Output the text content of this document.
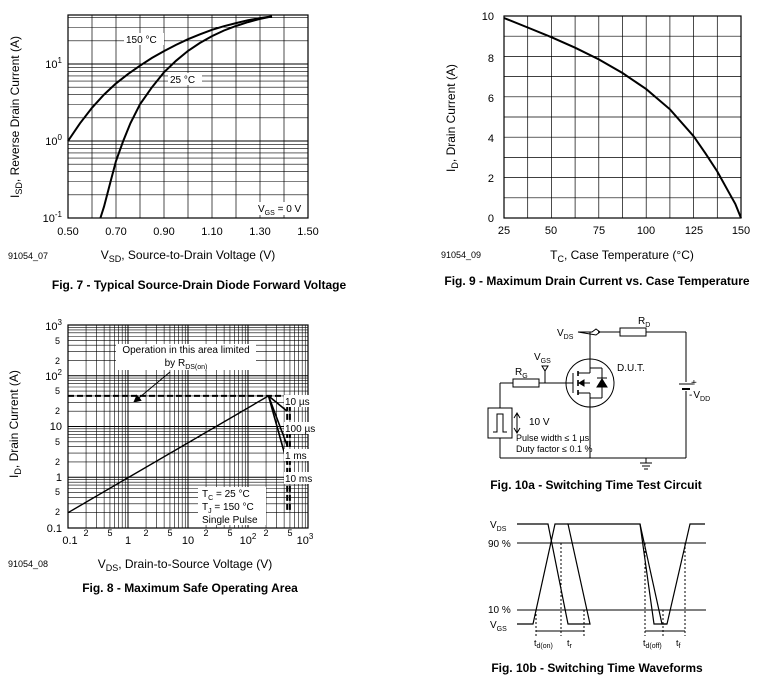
$10^{-1}$
$10^0$
$10^1$
0.50 0.70 0.90 1.10 1.30 1.50
$V_{SD}$, Source-to-Drain Voltage (V)
$I_{SD}$, Reverse Drain Current (A)	150 °C
25 °C
$V_{GS} = 0$ V
91054_07
Fig. 7 - Typical Source-Drain Diode Forward Voltage
0
2
4
6
8
10
25	50	75	100	125	150
$T_C$, Case Temperature (°C)
$I_D$, Drain Current (A)
91054_09
Fig. 9 - Maximum Drain Current vs. Case Temperature
Operation in this area limited
by $R_{DS(on)}$
10 µs
100 µs
1 ms
10 ms
$T_C = 25$ °C
$T_J = 150$ °C
Single Pulse
0.1
1
10
$10^2$
$10^3$
2
5
2
5
2
5
2
5
0.1	1	10	$10^2$	$10^3$
2 5	2 5	2 5	2 5
$V_{DS}$, Drain-to-Source Voltage (V)
$I_D$, Drain Current (A)
91054_08
Fig. 8 - Maximum Safe Operating Area
$V_{DS}$
$R_D$
$V_{GS}$
$R_G$
D.U.T.
+
$-V_{DD}$
10 V
Pulse width ≤ 1 µs
Duty factor ≤ 0.1 %
Fig. 10a - Switching Time Test Circuit
$V_{DS}$
90 %
10 %
$V_{GS}$
$t_{d(on)}$ $t_r$	$t_{d(off)}$ $t_f$
Fig. 10b - Switching Time Waveforms
